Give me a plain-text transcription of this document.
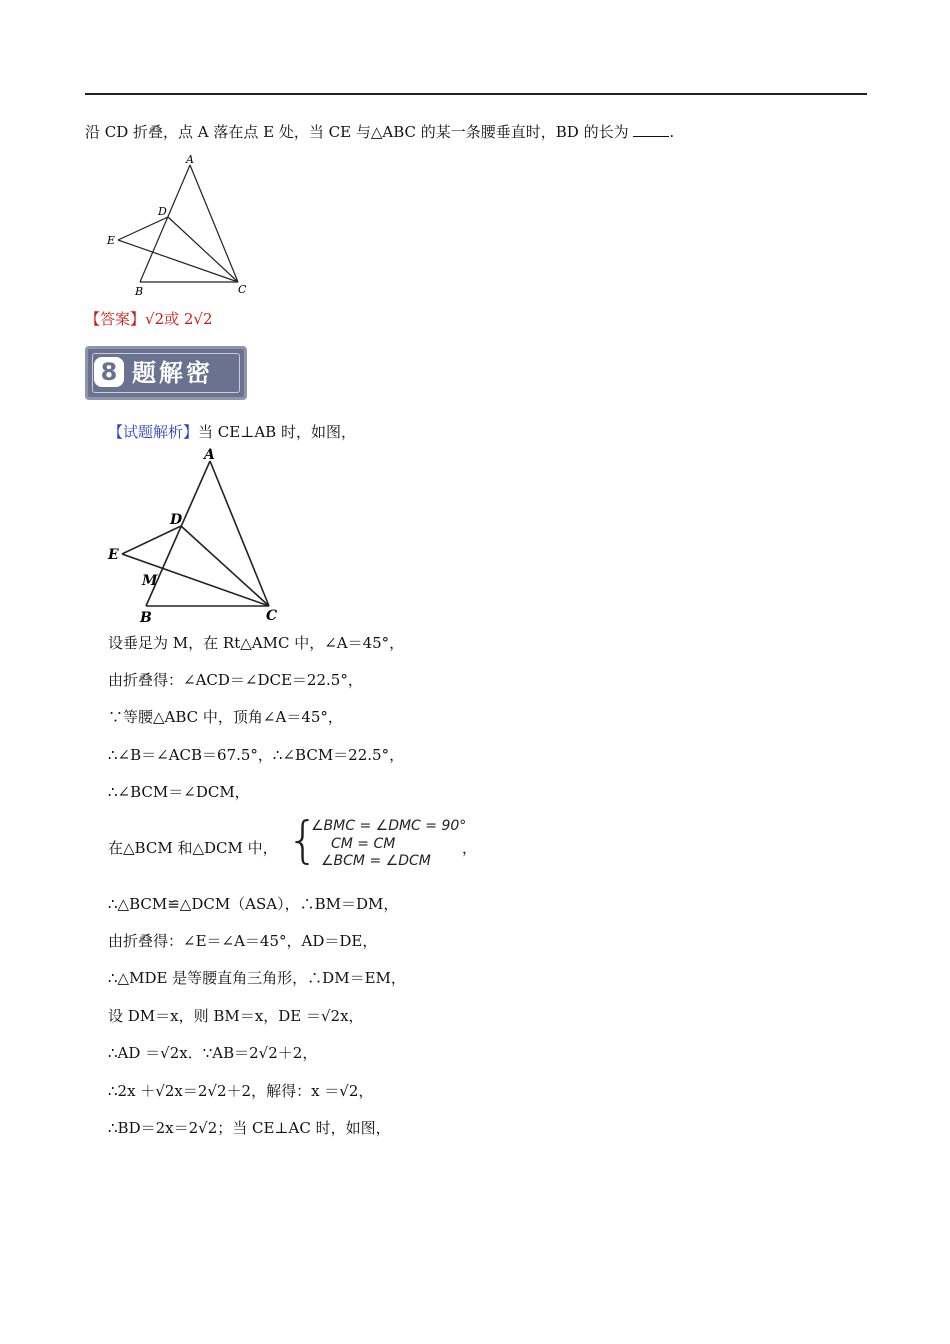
沿 CD 折叠，点 A 落在点 E 处，当 CE 与△ABC 的某一条腰垂直时，BD 的长为	.
A
D
E
B	C
【答案】√2或 2√2
8 题解密
【试题解析】当 CE⊥AB 时，如图，
A
D
E
M
B	C
设垂足为 M，在 Rt△AMC 中，∠A＝45°，
由折叠得：∠ACD＝∠DCE＝22.5°，
∵等腰△ABC 中，顶角∠A＝45°，
∴∠B＝∠ACB＝67.5°，∴∠BCM＝22.5°，
∴∠BCM＝∠DCM，
在△BCM 和△DCM 中， {
∠BMC = ∠DMC = 90°
CM = CM
∠BCM = ∠DCM
，
∴△BCM≌△DCM（ASA），∴BM＝DM，
由折叠得：∠E＝∠A＝45°，AD＝DE，
∴△MDE 是等腰直角三角形，∴DM＝EM，
设 DM＝x，则 BM＝x，DE ＝√2x，
∴AD ＝√2x．∵AB＝2√2＋2，
∴2x ＋√2x＝2√2＋2，解得：x ＝√2，
∴BD＝2x＝2√2；当 CE⊥AC 时，如图，
